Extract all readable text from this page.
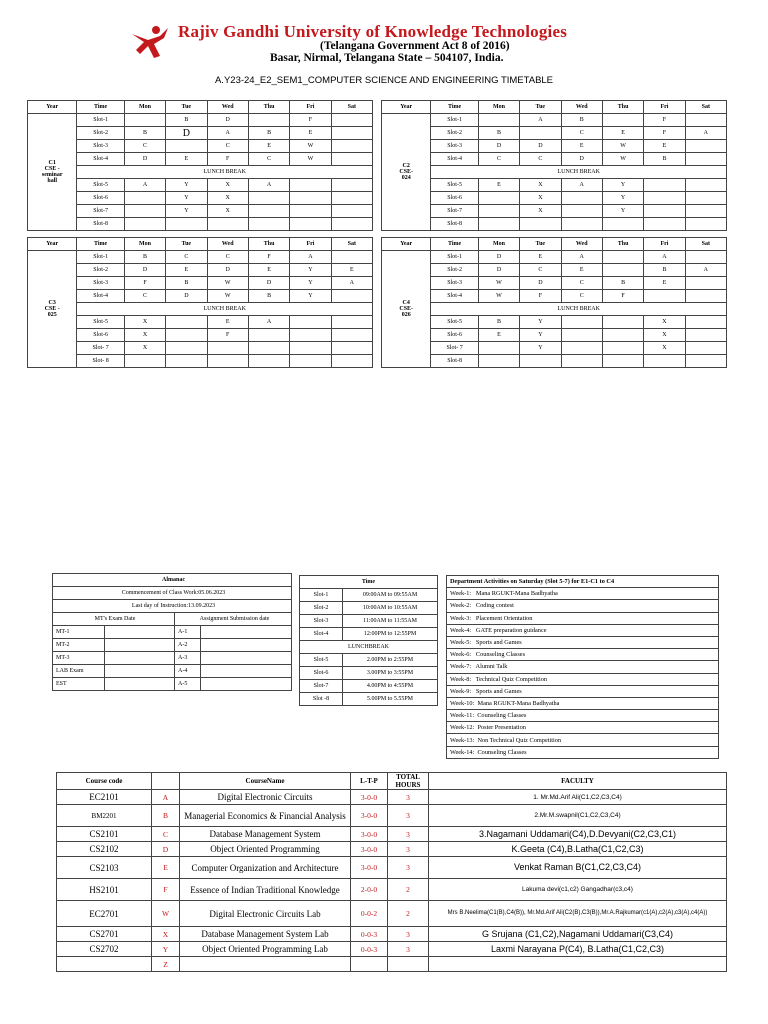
Rajiv Gandhi University of Knowledge Technologies
(Telangana Government Act 8 of 2016)
Basar, Nirmal, Telangana State – 504107, India.
A.Y23-24_E2_SEM1_COMPUTER SCIENCE AND ENGINEERING TIMETABLE
Almanac			
Commencement of Class Work:05.06.2023			
Last day of Instruction:13.09.2023			
MT's Exam Date		Assignment Submission date	
MT-1		A-1	
MT-2		A-2	
MT-3		A-3	
LAB Exam		A-4	
EST		A-5	
Time	
Slot-1	09:00AM to 09:55AM
Slot-2	10:00AM to 10:55AM
Slot-3	11:00AM to 11:55AM
Slot-4	12:00PM to 12:55PM
LUNCHBREAK	
Slot-5	2.00PM to 2:55PM
Slot-6	3.00PM to 3:55PM
Slot-7	4.00PM to 4:55PM
Slot -8	5.00PM to 5.55PM
Department Activities on Saturday (Slot 5-7) for E1-C1 to C4
Week-1:   Mana RGUKT-Mana Badhyatha
Week-2:   Coding contest
Week-3:   Placement Orientation
Week-4:   GATE preparation guidance
Week-5:   Sports and Games
Week-6:   Counseling Classes
Week-7:   Alumni Talk
Week-8:   Technical Quiz Competition
Week-9:   Sports and Games
Week-10:  Mana RGUKT-Mana Badhyatha
Week-11:  Counseling Classes
Week-12:  Poster Presentation
Week-13:  Non Technical Quiz Competition
Week-14:  Counseling Classes
Course code		CourseName	L-T-P	TOTAL HOURS	FACULTY
EC2101	A	Digital Electronic Circuits	3-0-0	3	1. Mr.Md.Arif Ali(C1,C2,C3,C4)
BM2201	B	Managerial Economics & Financial Analysis	3-0-0	3	2.Mr.M.swapnil(C1,C2,C3,C4)
CS2101	C	Database Management System	3-0-0	3	3.Nagamani Uddamari(C4),D.Devyani(C2,C3,C1)
CS2102	D	Object Oriented Programming	3-0-0	3	K.Geeta (C4),B.Latha(C1,C2,C3)
CS2103	E	Computer Organization and Architecture	3-0-0	3	Venkat Raman B(C1,C2,C3,C4)
HS2101	F	Essence of Indian Traditional Knowledge	2-0-0	2	Lakuma devi(c1,c2) Gangadhar(c3,c4)
EC2701	W	Digital Electronic Circuits Lab	0-0-2	2	Mrs B.Neelima(C1(B),C4(B)), Mr.Md.Arif Ali(C2(B),C3(B)),Mr.A.Rajkumar(c1(A),c2(A),c3(A),c4(A))
CS2701	X	Database Management System Lab	0-0-3	3	G Srujana (C1,C2),Nagamani Uddamari(C3,C4)
CS2702	Y	Object Oriented Programming Lab	0-0-3	3	Laxmi Narayana P(C4), B.Latha(C1,C2,C3)
	Z				
Year	Time	Mon	Tue	Wed	Thu	Fri	Sat
C1
CSE -
seminar
hall	Slot-1		B	D		F	
	Slot-2	B	D	A	B	E	
	Slot-3	C		C	E	W	
	Slot-4	D	E	F	C	W	
	LUNCH BREAK						
	Slot-5	A	Y	X	A		
	Slot-6		Y	X			
	Slot-7		Y	X			
	Slot-8						
Year	Time	Mon	Tue	Wed	Thu	Fri	Sat
C2
CSE-
024	Slot-1		A	B		F	
	Slot-2	B		C	E	F	A
	Slot-3	D	D	E	W	E	
	Slot-4	C	C	D	W	B	
	LUNCH BREAK						
	Slot-5	E	X	A	Y		
	Slot-6		X		Y		
	Slot-7		X		Y		
	Slot-8						
Year	Time	Mon	Tue	Wed	Thu	Fri	Sat
C3
CSE -
025	Slot-1	B	C	C	F	A	
	Slot-2	D	E	D	E	Y	E
	Slot-3	F	B	W	D	Y	A
	Slot-4	C	D	W	B	Y	
	LUNCH BREAK						
	Slot-5	X		E	A		
	Slot-6	X		F			
	Slot- 7	X					
	Slot- 8						
Year	Time	Mon	Tue	Wed	Thu	Fri	Sat
C4
CSE-
026	Slot-1	D	E	A		A	
	Slot-2	D	C	E		B	A
	Slot-3	W	D	C	B	E	
	Slot-4	W	F	C	F		
	LUNCH BREAK						
	Slot-5	B	Y			X	
	Slot-6	E	Y			X	
	Slot- 7		Y			X	
	Slot-8						
